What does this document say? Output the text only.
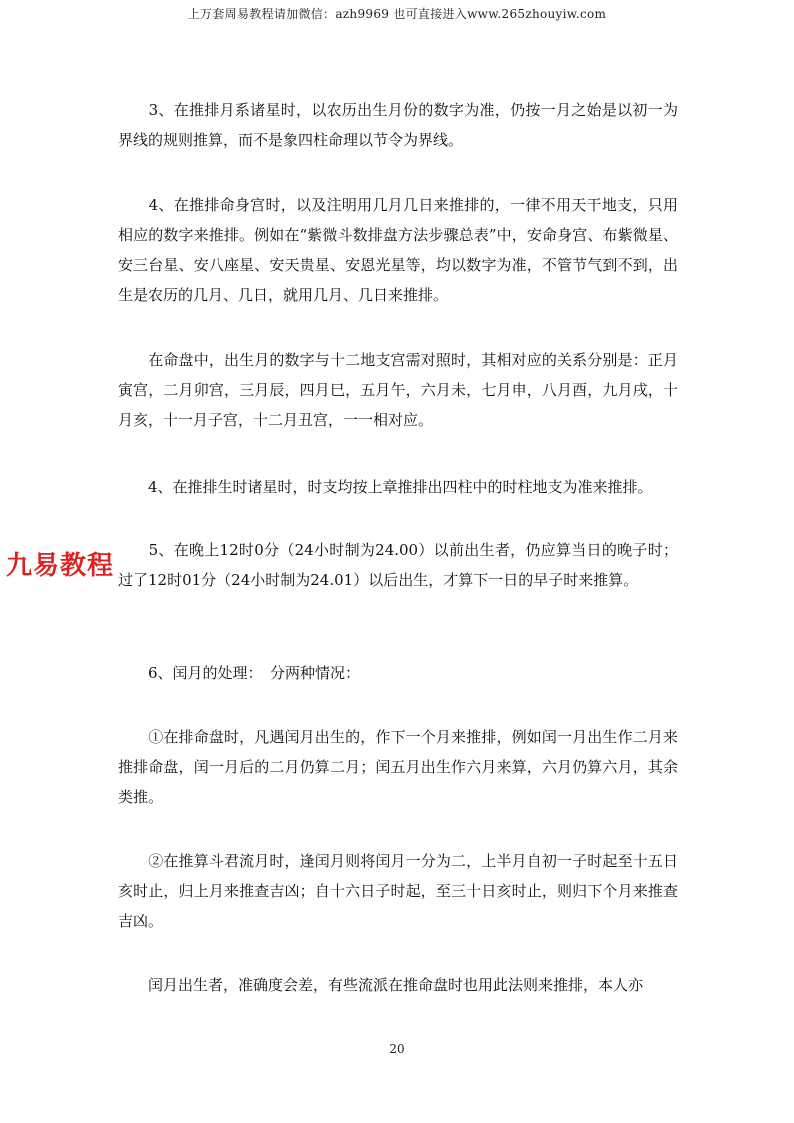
上万套周易教程请加微信：azh9969 也可直接进入www.265zhouyiw.com

　　3、在推排月系诸星时，以农历出生月份的数字为准，仍按一月之始是以初一为界线的规则推算，而不是象四柱命理以节令为界线。

　　4、在推排命身宫时，以及注明用几月几日来推排的，一律不用天干地支，只用相应的数字来推排。例如在“紫微斗数排盘方法步骤总表”中，安命身宫、布紫微星、安三台星、安八座星、安天贵星、安恩光星等，均以数字为准，不管节气到不到，出生是农历的几月、几日，就用几月、几日来推排。

　　在命盘中，出生月的数字与十二地支宫需对照时，其相对应的关系分别是：正月寅宫，二月卯宫，三月辰，四月巳，五月午，六月未，七月申，八月酉，九月戌，十月亥，十一月子宫，十二月丑宫，一一相对应。

　　4、在推排生时诸星时，时支均按上章推排出四柱中的时柱地支为准来推排。

　　5、在晚上12时0分（24小时制为24.00）以前出生者，仍应算当日的晚子时；过了12时01分（24小时制为24.01）以后出生，才算下一日的早子时来推算。

　　6、闰月的处理：　分两种情况：

　　①在排命盘时，凡遇闰月出生的，作下一个月来推排，例如闰一月出生作二月来推排命盘，闰一月后的二月仍算二月；闰五月出生作六月来算，六月仍算六月，其余类推。

　　②在推算斗君流月时，逢闰月则将闰月一分为二，上半月自初一子时起至十五日亥时止，归上月来推查吉凶；自十六日子时起，至三十日亥时止，则归下个月来推查吉凶。

　　闰月出生者，准确度会差，有些流派在推命盘时也用此法则来推排，本人亦

九易教程
20
